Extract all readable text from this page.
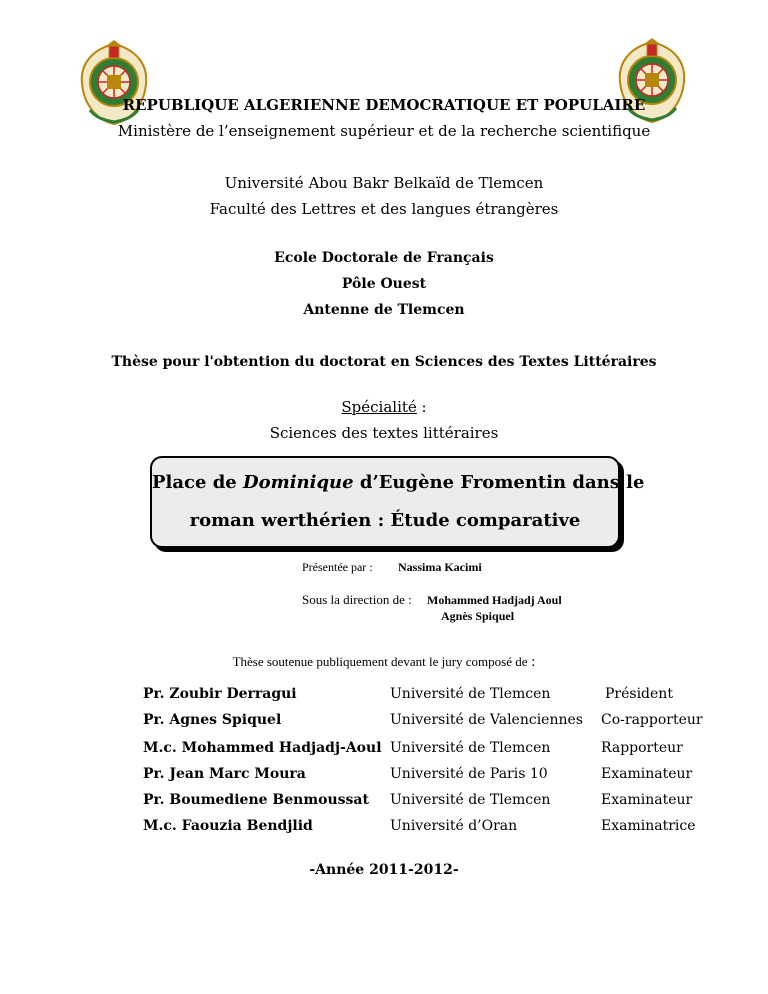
REPUBLIQUE ALGERIENNE DEMOCRATIQUE ET POPULAIRE
Ministère de l’enseignement supérieur et de la recherche scientifique
Université Abou Bakr Belkaïd de Tlemcen
Faculté des Lettres et des langues étrangères
Ecole Doctorale de Français
Pôle Ouest
Antenne de Tlemcen
Thèse pour l'obtention du doctorat en Sciences des Textes Littéraires
Spécialité :
Sciences des textes littéraires
Place de Dominique d’Eugène Fromentin dans le
roman werthérien : Étude comparative
Présentée par : Nassima Kacimi
Sous la direction de : Mohammed Hadjadj Aoul
Agnès Spiquel
Thèse soutenue publiquement devant le jury composé de :
Pr. Zoubir Derragui	Université de Tlemcen	Président
Pr. Agnes Spiquel	Université de Valenciennes Co-rapporteur
M.c. Mohammed Hadjadj-Aoul Université de Tlemcen	Rapporteur
Pr. Jean Marc Moura	Université de Paris 10	Examinateur
Pr. Boumediene Benmoussat Université de Tlemcen	Examinateur
M.c. Faouzia Bendjlid	Université d’Oran	Examinatrice
-Année 2011-2012-
